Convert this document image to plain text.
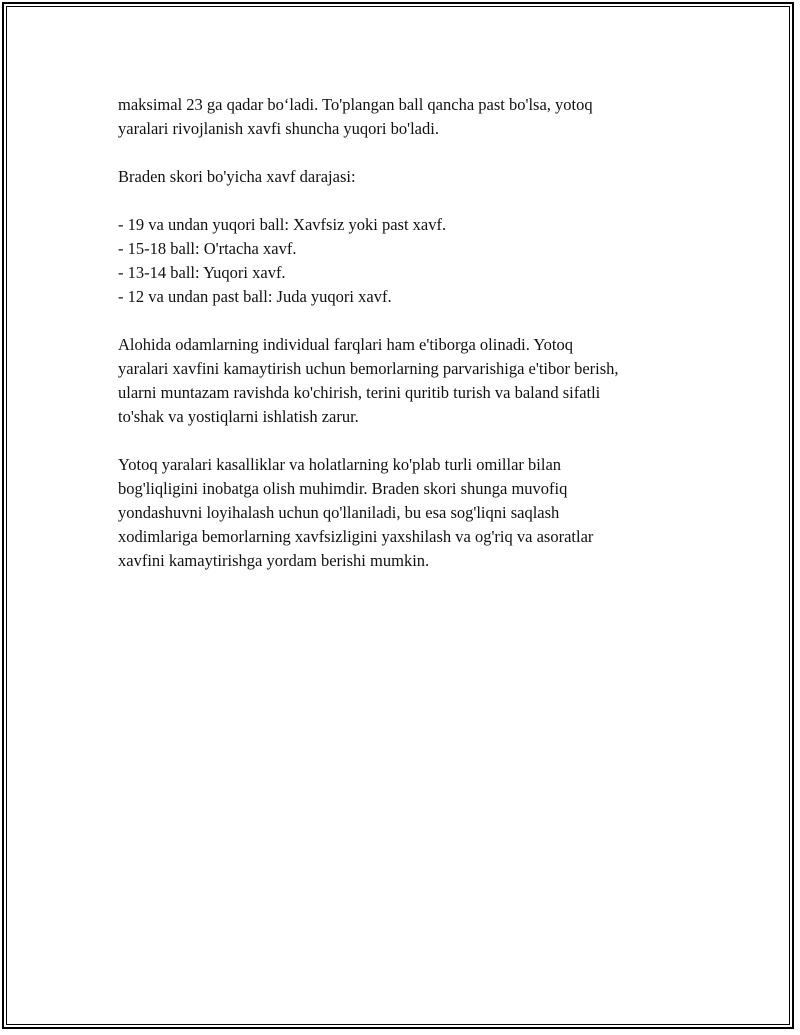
maksimal 23 ga qadar bo‘ladi. To'plangan ball qancha past bo'lsa, yotoq
yaralari rivojlanish xavfi shuncha yuqori bo'ladi.

Braden skori bo'yicha xavf darajasi:

- 19 va undan yuqori ball: Xavfsiz yoki past xavf.
- 15-18 ball: O'rtacha xavf.
- 13-14 ball: Yuqori xavf.
- 12 va undan past ball: Juda yuqori xavf.

Alohida odamlarning individual farqlari ham e'tiborga olinadi. Yotoq
yaralari xavfini kamaytirish uchun bemorlarning parvarishiga e'tibor berish,
ularni muntazam ravishda ko'chirish, terini quritib turish va baland sifatli
to'shak va yostiqlarni ishlatish zarur.

Yotoq yaralari kasalliklar va holatlarning ko'plab turli omillar bilan
bog'liqligini inobatga olish muhimdir. Braden skori shunga muvofiq
yondashuvni loyihalash uchun qo'llaniladi, bu esa sog'liqni saqlash
xodimlariga bemorlarning xavfsizligini yaxshilash va og'riq va asoratlar
xavfini kamaytirishga yordam berishi mumkin.
